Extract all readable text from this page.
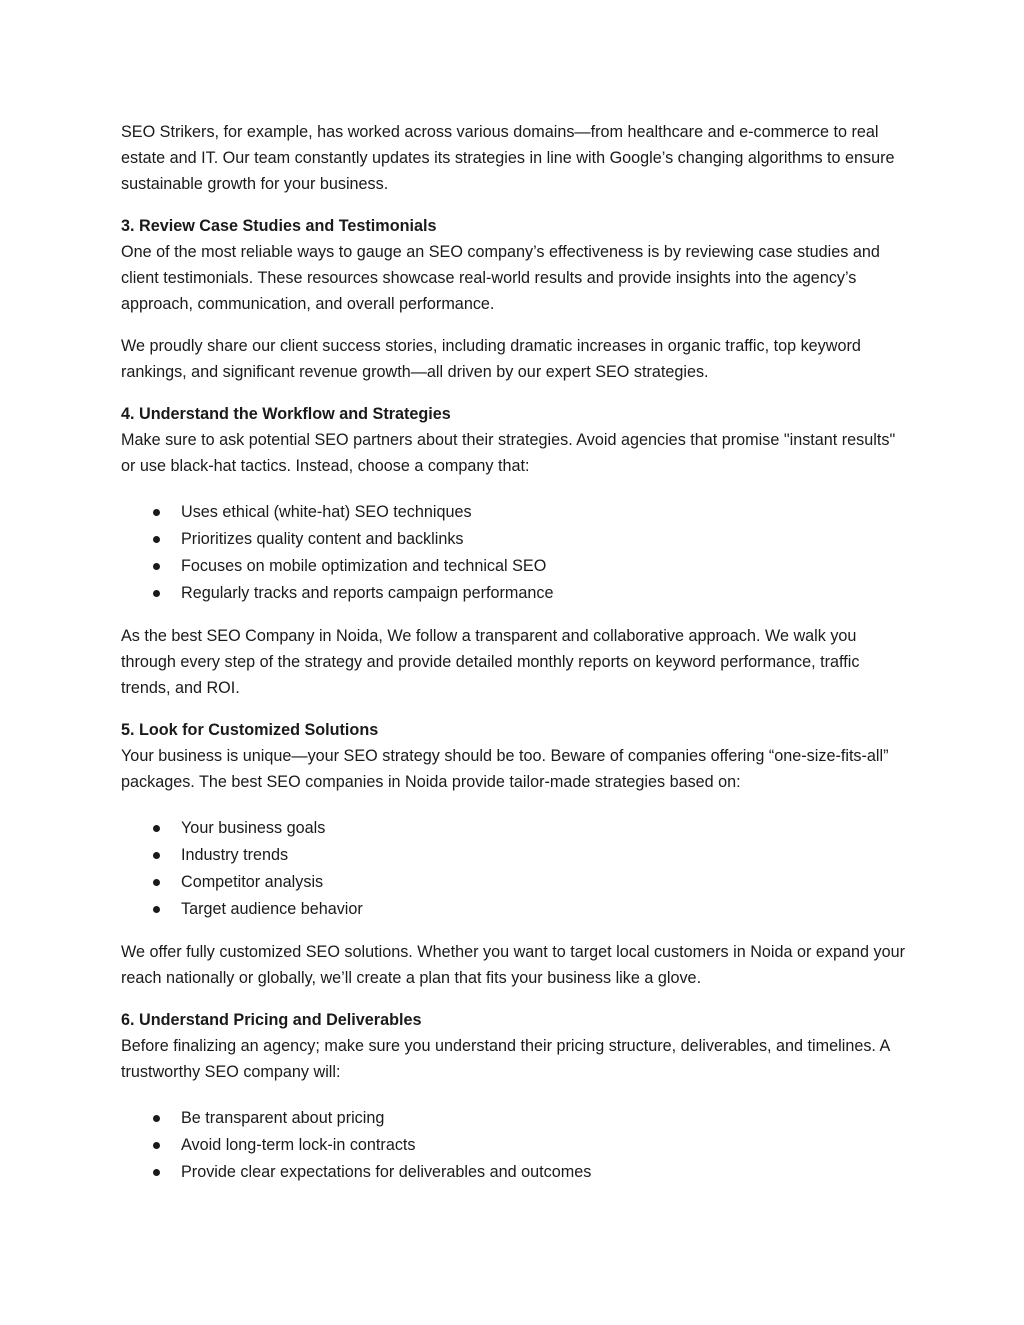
SEO Strikers, for example, has worked across various domains—from healthcare and e-commerce to real estate and IT. Our team constantly updates its strategies in line with Google’s changing algorithms to ensure sustainable growth for your business.

3. Review Case Studies and Testimonials

One of the most reliable ways to gauge an SEO company’s effectiveness is by reviewing case studies and client testimonials. These resources showcase real-world results and provide insights into the agency’s approach, communication, and overall performance.

We proudly share our client success stories, including dramatic increases in organic traffic, top keyword rankings, and significant revenue growth—all driven by our expert SEO strategies.

4. Understand the Workflow and Strategies

Make sure to ask potential SEO partners about their strategies. Avoid agencies that promise "instant results" or use black-hat tactics. Instead, choose a company that:

Uses ethical (white-hat) SEO techniques
Prioritizes quality content and backlinks
Focuses on mobile optimization and technical SEO
Regularly tracks and reports campaign performance

As the best SEO Company in Noida, We follow a transparent and collaborative approach. We walk you through every step of the strategy and provide detailed monthly reports on keyword performance, traffic trends, and ROI.

5. Look for Customized Solutions

Your business is unique—your SEO strategy should be too. Beware of companies offering “one-size-fits-all” packages. The best SEO companies in Noida provide tailor-made strategies based on:

Your business goals
Industry trends
Competitor analysis
Target audience behavior

We offer fully customized SEO solutions. Whether you want to target local customers in Noida or expand your reach nationally or globally, we’ll create a plan that fits your business like a glove.

6. Understand Pricing and Deliverables

Before finalizing an agency; make sure you understand their pricing structure, deliverables, and timelines. A trustworthy SEO company will:

Be transparent about pricing
Avoid long-term lock-in contracts
Provide clear expectations for deliverables and outcomes
